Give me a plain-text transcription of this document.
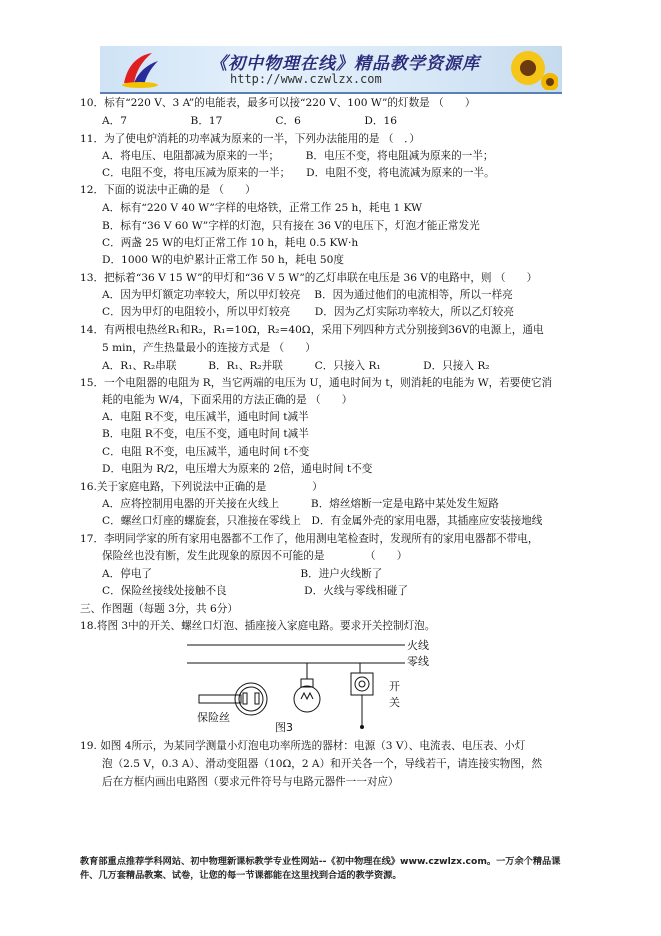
《初中物理在线》精品教学资源库
http://www.czwlzx.com
10．标有“220 V、3 A”的电能表，最多可以接“220 V、100 W”的灯数是 （　　）
A．7　　　　　　B．17　　　　　C．6　　　　　　D．16
11．为了使电炉消耗的功率减为原来的一半，下列办法能用的是 （　．）
A．将电压、电阻都减为原来的一半；　　　B．电压不变，将电阻减为原来的一半；
C．电阻不变，将电压减为原来的一半；　　D．电阻不变，将电流减为原来的一半。
12．下面的说法中正确的是 （　　）
A．标有“220 V 40 W”字样的电烙铁，正常工作 25 h，耗电 1 KW
B．标有“36 V 60 W”字样的灯泡，只有接在 36 V的电压下，灯泡才能正常发光
C．两盏 25 W的电灯正常工作 10 h，耗电 0.5 KW·h
D．1000 W的电炉累计正常工作 50 h，耗电 50度
13．把标着“36 V 15 W”的甲灯和“36 V 5 W”的乙灯串联在电压是 36 V的电路中，则 （　　）
A．因为甲灯额定功率较大，所以甲灯较亮　 B．因为通过他们的电流相等，所以一样亮
C．因为甲灯的电阻较小，所以甲灯较亮　　 D．因为乙灯实际功率较大，所以乙灯较亮
14．有两根电热丝R₁和R₂，R₁=10Ω，R₂=40Ω，采用下列四种方式分别接到36V的电源上，通电
5 min，产生热量最小的连接方式是 （　　）
A．R₁、R₂串联　　　B．R₁、R₂并联　　　C．只接入 R₁　　　　D．只接入 R₂
15．一个电阻器的电阻为 R，当它两端的电压为 U，通电时间为 t，则消耗的电能为 W，若要使它消
耗的电能为 W/4，下面采用的方法正确的是 （　　）
A．电阻 R不变，电压减半，通电时间 t减半
B．电阻 R不变，电压不变，通电时间 t减半
C．电阻 R不变，电压减半，通电时间 t不变
D．电阻为 R/2，电压增大为原来的 2倍，通电时间 t不变
16.关于家庭电路，下列说法中正确的是 　　　　）
A．应将控制用电器的开关接在火线上　　　B．熔丝熔断一定是电路中某处发生短路
C．螺丝口灯座的螺旋套，只准接在零线上　D．有金属外壳的家用电器，其插座应安装接地线
17．李明同学家的所有家用电器都不工作了，他用测电笔检查时，发现所有的家用电器都不带电，
保险丝也没有断，发生此现象的原因不可能的是 　　　　（　　）
A．停电了　　　　　　　　　　　　　　B．进户火线断了
C．保险丝接线处接触不良　　　　　　　 D．火线与零线相碰了
三、作图题（每题 3分，共 6分）
18.将图 3中的开关、螺丝口灯泡、插座接入家庭电路。要求开关控制灯泡。
火线
零线
保险丝
开关
图3
19. 如图 4所示，为某同学测量小灯泡电功率所选的器材：电源（3 V）、电流表、电压表、小灯
泡（2.5 V，0.3 A）、滑动变阻器（10Ω，2 A）和开关各一个，导线若干，请连接实物图，然
后在方框内画出电路图（要求元件符号与电路元器件一一对应）
教育部重点推荐学科网站、初中物理新课标教学专业性网站--《初中物理在线》www.czwlzx.com。一万余个精品课
件、几万套精品教案、试卷，让您的每一节课都能在这里找到合适的教学资源。
